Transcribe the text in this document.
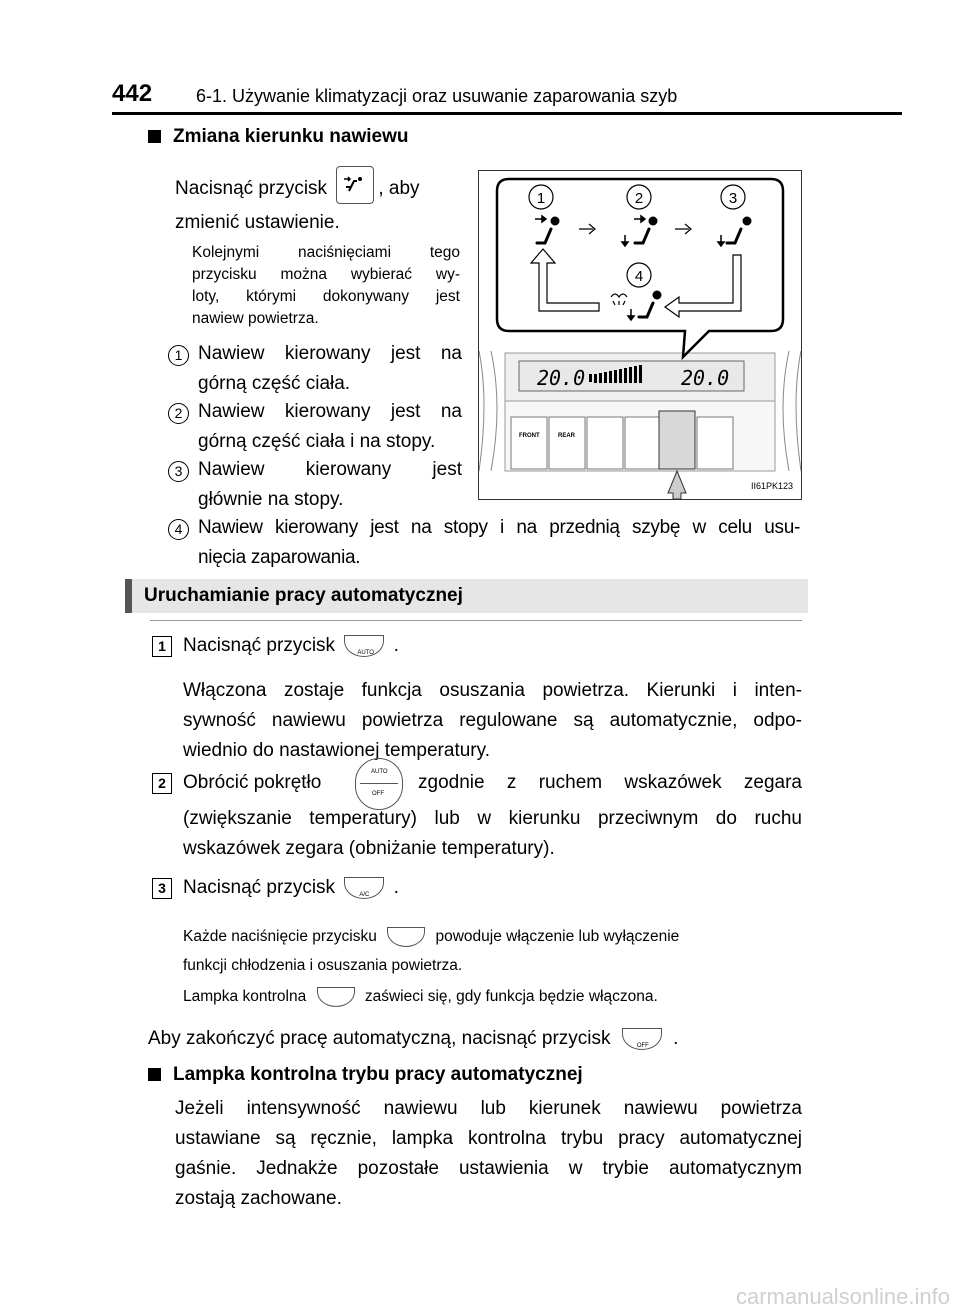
442 6-1. Używanie klimatyzacji oraz usuwanie zaparowania szyb
Zmiana kierunku nawiewu
Nacisnąć przycisk	, aby
zmienić ustawienie.
Kolejnymi naciśnięciami tego
przycisku można wybierać wy-
loty, którymi dokonywany jest
nawiew powietrza.
1 Nawiew kierowany jest na
górną część ciała.
2 Nawiew kierowany jest na
górną część ciała i na stopy.
3 Nawiew kierowany jest
głównie na stopy.
4 Nawiew kierowany jest na stopy i na przednią szybę w celu usu-
nięcia zaparowania.
20.0	20.0
FRONT	REAR
1	2	3
4
II61PK123
Uruchamianie pracy automatycznej
1 Nacisnąć przycisk	AUTO .
Włączona zostaje funkcja osuszania powietrza. Kierunki i inten-
sywność nawiewu powietrza regulowane są automatycznie, odpo-
wiednio do nastawionej temperatury.
2 Obrócić pokrętło	AUTO
OFF
zgodnie z ruchem wskazówek zegara
(zwiększanie temperatury) lub w kierunku przeciwnym do ruchu
wskazówek zegara (obniżanie temperatury).
3 Nacisnąć przycisk	A/C .
Każde naciśnięcie przycisku	powoduje włączenie lub wyłączenie
funkcji chłodzenia i osuszania powietrza.
Lampka kontrolna	zaświeci się, gdy funkcja będzie włączona.
Aby zakończyć pracę automatyczną, nacisnąć przycisk	OFF .
Lampka kontrolna trybu pracy automatycznej
Jeżeli intensywność nawiewu lub kierunek nawiewu powietrza
ustawiane są ręcznie, lampka kontrolna trybu pracy automatycznej
gaśnie. Jednakże pozostałe ustawienia w trybie automatycznym
zostają zachowane.
carmanualsonline.info
